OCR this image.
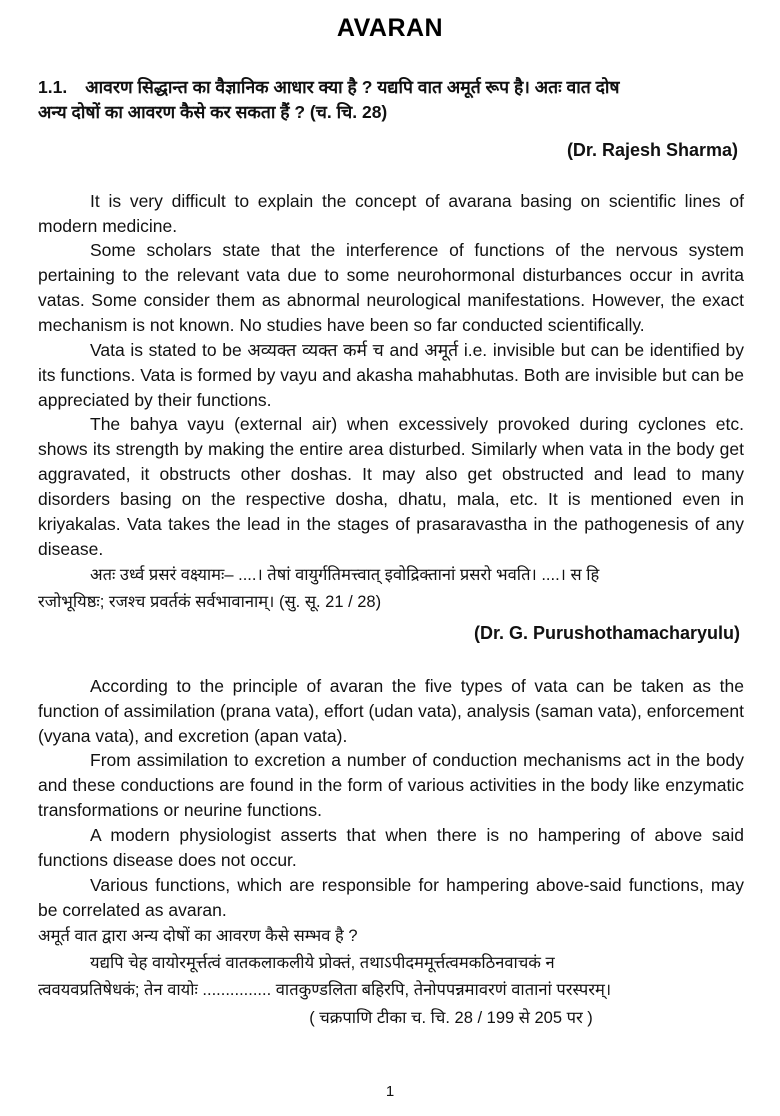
AVARAN
1.1. आवरण सिद्धान्त का वैज्ञानिक आधार क्या है ? यद्यपि वात अमूर्त रूप है। अतः वात दोष
अन्य दोषों का आवरण कैसे कर सकता हैं ? (च. चि. 28)
(Dr. Rajesh Sharma)

It is very difficult to explain the concept of avarana basing on scientific lines of modern medicine.

Some scholars state that the interference of functions of the nervous system pertaining to the relevant vata due to some neurohormonal disturbances occur in avrita vatas. Some consider them as abnormal neurological manifestations. However, the exact mechanism is not known. No studies have been so far conducted scientifically.

Vata is stated to be अव्यक्त व्यक्त कर्म च and अमूर्त i.e. invisible but can be identified by its functions. Vata is formed by vayu and akasha mahabhutas. Both are invisible but can be appreciated by their functions.

The bahya vayu (external air) when excessively provoked during cyclones etc. shows its strength by making the entire area disturbed. Similarly when vata in the body get aggravated, it obstructs other doshas. It may also get obstructed and lead to many disorders basing on the respective dosha, dhatu, mala, etc. It is mentioned even in kriyakalas. Vata takes the lead in the stages of prasaravastha in the pathogenesis of any disease.

अतः उर्ध्व प्रसरं वक्ष्यामः– ....। तेषां वायुर्गतिमत्त्वात् इवोद्रिक्तानां प्रसरो भवति। ....। स हि

रजोभूयिष्ठः; रजश्च प्रवर्तकं सर्वभावानाम्। (सु. सू. 21 / 28)

(Dr. G. Purushothamacharyulu)

According to the principle of avaran the five types of vata can be taken as the function of assimilation (prana vata), effort (udan vata), analysis (saman vata), enforcement (vyana vata), and excretion (apan vata).

From assimilation to excretion a number of conduction mechanisms act in the body and these conductions are found in the form of various activities in the body like enzymatic transformations or neurine functions.

A modern physiologist asserts that when there is no hampering of above said functions disease does not occur.

Various functions, which are responsible for hampering above-said functions, may be correlated as avaran.

अमूर्त वात द्वारा अन्य दोषों का आवरण कैसे सम्भव है ?

यद्यपि चेह वायोरमूर्त्तत्वं वातकलाकलीये प्रोक्तं, तथाऽपीदममूर्त्तत्वमकठिनवाचकं न

त्ववयवप्रतिषेधकं; तेन वायोः ............... वातकुण्डलिता बहिरपि, तेनोपपन्नमावरणं वातानां परस्परम्।

( चक्रपाणि टीका च. चि. 28 / 199 से 205 पर )
1
